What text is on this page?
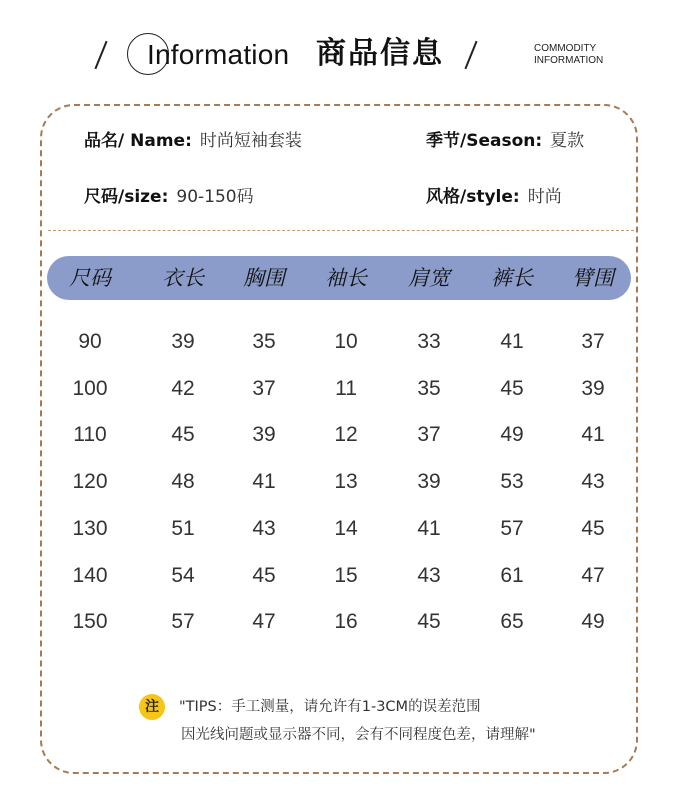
Information 商品信息	COMMODITY
INFORMATION
品名/ Name: 时尚短袖套装	季节/Season: 夏款
尺码/size: 90-150码	风格/style: 时尚
尺码	衣长	胸围	袖长	肩宽	裤长	臂围
90	39	35	10	33	41	37
100	42	37	11	35	45	39
110	45	39	12	37	49	41
120	48	41	13	39	53	43
130	51	43	14	41	57	45
140	54	45	15	43	61	47
150	57	47	16	45	65	49
注	"TIPS：手工测量，请允许有1-3CM的误差范围
因光线问题或显示器不同，会有不同程度色差，请理解"
